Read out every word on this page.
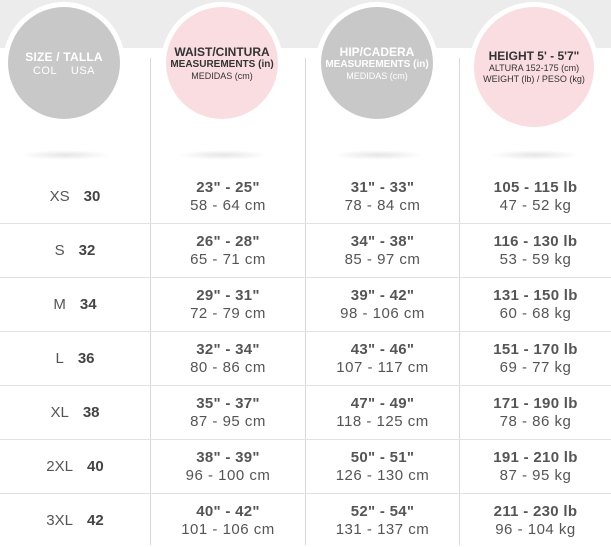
SIZE / TALLA
COL USA
WAIST/CINTURA
MEASUREMENTS (in)
MEDIDAS (cm)
HIP/CADERA
MEASUREMENTS (in)
MEDIDAS (cm)
HEIGHT 5' - 5'7"
ALTURA 152-175 (cm)
WEIGHT (lb) / PESO (kg)
XS 30
23" - 25"
58 - 64 cm
31" - 33"
78 - 84 cm
105 - 115 lb
47 - 52 kg
S 32
26" - 28"
65 - 71 cm
34" - 38"
85 - 97 cm
116 - 130 lb
53 - 59 kg
M 34
29" - 31"
72 - 79 cm
39" - 42"
98 - 106 cm
131 - 150 lb
60 - 68 kg
L 36
32" - 34"
80 - 86 cm
43" - 46"
107 - 117 cm
151 - 170 lb
69 - 77 kg
XL 38
35" - 37"
87 - 95 cm
47" - 49"
118 - 125 cm
171 - 190 lb
78 - 86 kg
2XL 40
38" - 39"
96 - 100 cm
50" - 51"
126 - 130 cm
191 - 210 lb
87 - 95 kg
3XL 42
40" - 42"
101 - 106 cm
52" - 54"
131 - 137 cm
211 - 230 lb
96 - 104 kg
